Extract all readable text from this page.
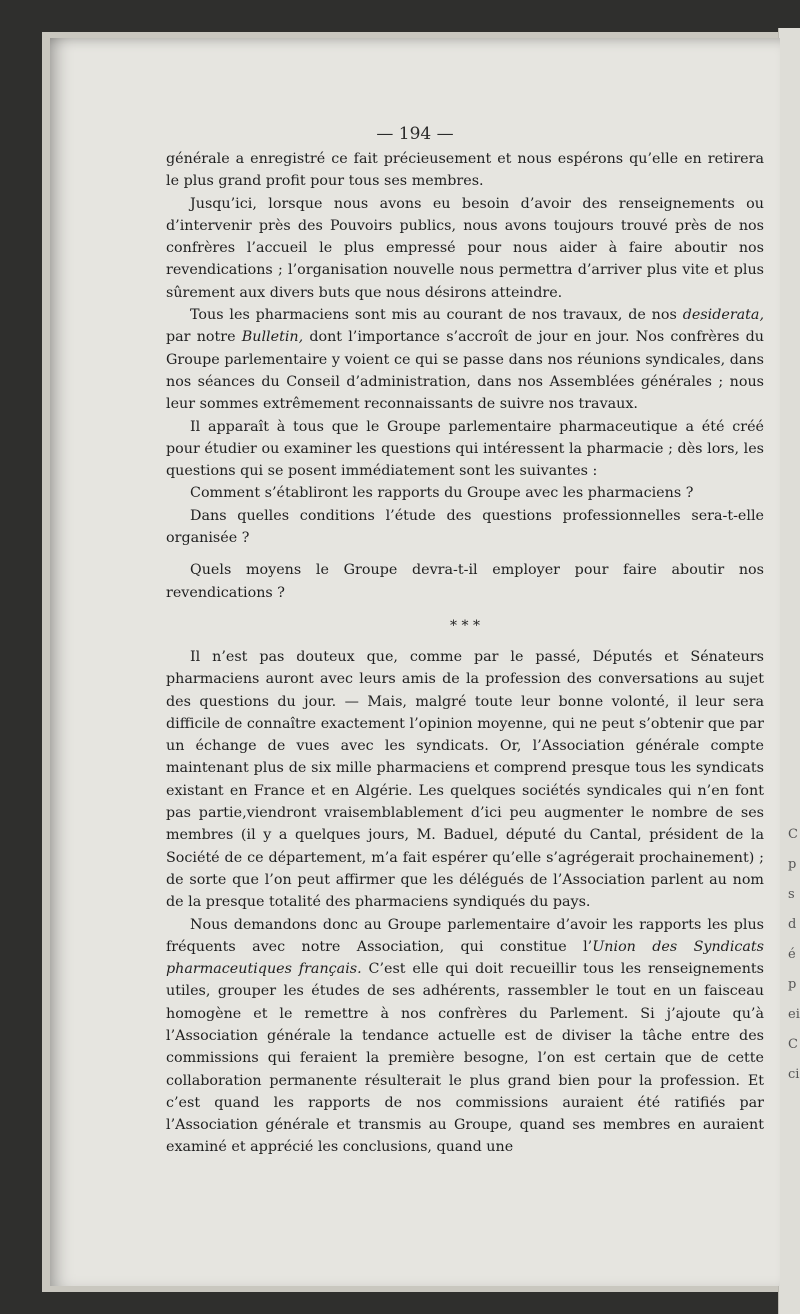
C
p
s
d
é
p
ei
C
ci
— 194 —

générale a enregistré ce fait précieusement et nous espérons qu’elle en retirera le plus grand profit pour tous ses membres.

Jusqu’ici, lorsque nous avons eu besoin d’avoir des renseignements ou d’intervenir près des Pouvoirs publics, nous avons toujours trouvé près de nos confrères l’accueil le plus empressé pour nous aider à faire aboutir nos revendications ; l’organisation nouvelle nous permettra d’arriver plus vite et plus sûrement aux divers buts que nous désirons atteindre.

Tous les pharmaciens sont mis au courant de nos travaux, de nos desiderata, par notre Bulletin, dont l’importance s’accroît de jour en jour. Nos confrères du Groupe parlementaire y voient ce qui se passe dans nos réunions syndicales, dans nos séances du Conseil d’administration, dans nos Assemblées générales ; nous leur sommes extrêmement reconnaissants de suivre nos travaux.

Il apparaît à tous que le Groupe parlementaire pharmaceutique a été créé pour étudier ou examiner les questions qui intéressent la pharmacie ; dès lors, les questions qui se posent immédiatement sont les suivantes :

Comment s’établiront les rapports du Groupe avec les pharmaciens ?

Dans quelles conditions l’étude des questions professionnelles sera-t-elle organisée ?

Quels moyens le Groupe devra-t-il employer pour faire aboutir nos revendications ?

* * *

Il n’est pas douteux que, comme par le passé, Députés et Sénateurs pharmaciens auront avec leurs amis de la profession des conversations au sujet des questions du jour. — Mais, malgré toute leur bonne volonté, il leur sera difficile de connaître exactement l’opinion moyenne, qui ne peut s’obtenir que par un échange de vues avec les syndicats. Or, l’Association générale compte maintenant plus de six mille pharmaciens et comprend presque tous les syndicats existant en France et en Algérie. Les quelques sociétés syndicales qui n’en font pas partie,viendront vraisemblablement d’ici peu augmenter le nombre de ses membres (il y a quelques jours, M. Baduel, député du Cantal, président de la Société de ce département, m’a fait espérer qu’elle s’agrégerait prochainement) ; de sorte que l’on peut affirmer que les délégués de l’Association parlent au nom de la presque totalité des pharmaciens syndiqués du pays.

Nous demandons donc au Groupe parlementaire d’avoir les rapports les plus fréquents avec notre Association, qui constitue l’Union des Syndicats pharmaceutiques français. C’est elle qui doit recueillir tous les renseignements utiles, grouper les études de ses adhérents, rassembler le tout en un faisceau homogène et le remettre à nos confrères du Parlement. Si j’ajoute qu’à l’Association générale la tendance actuelle est de diviser la tâche entre des commissions qui feraient la première besogne, l’on est certain que de cette collaboration permanente résulterait le plus grand bien pour la profession. Et c’est quand les rapports de nos commissions auraient été ratifiés par l’Association générale et transmis au Groupe, quand ses membres en auraient examiné et apprécié les conclusions, quand une
